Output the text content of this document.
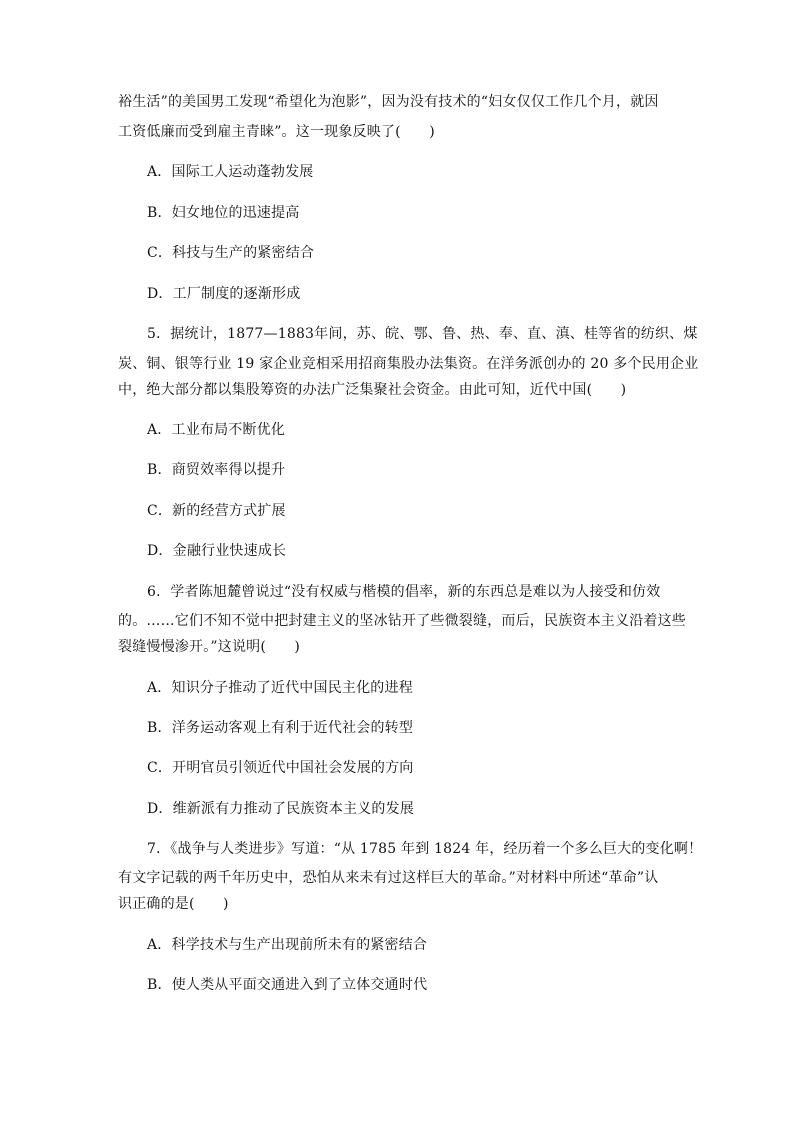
裕生活”的美国男工发现“希望化为泡影”，因为没有技术的“妇女仅仅工作几个月，就因
工资低廉而受到雇主青睐”。这一现象反映了(　　)
A．国际工人运动蓬勃发展
B．妇女地位的迅速提高
C．科技与生产的紧密结合
D．工厂制度的逐渐形成
5．据统计，1877—1883年间，苏、皖、鄂、鲁、热、奉、直、滇、桂等省的纺织、煤
炭、铜、银等行业 19 家企业竞相采用招商集股办法集资。在洋务派创办的 20 多个民用企业
中，绝大部分都以集股筹资的办法广泛集聚社会资金。由此可知，近代中国(　　)
A．工业布局不断优化
B．商贸效率得以提升
C．新的经营方式扩展
D．金融行业快速成长
6．学者陈旭麓曾说过“没有权威与楷模的倡率，新的东西总是难以为人接受和仿效
的。……它们不知不觉中把封建主义的坚冰钻开了些微裂缝，而后，民族资本主义沿着这些
裂缝慢慢渗开。”这说明(　　)
A．知识分子推动了近代中国民主化的进程
B．洋务运动客观上有利于近代社会的转型
C．开明官员引领近代中国社会发展的方向
D．维新派有力推动了民族资本主义的发展
7．《战争与人类进步》写道：“从 1785 年到 1824 年，经历着一个多么巨大的变化啊！
有文字记载的两千年历史中，恐怕从来未有过这样巨大的革命。”对材料中所述“革命”认
识正确的是(　　)
A．科学技术与生产出现前所未有的紧密结合
B．使人类从平面交通进入到了立体交通时代
